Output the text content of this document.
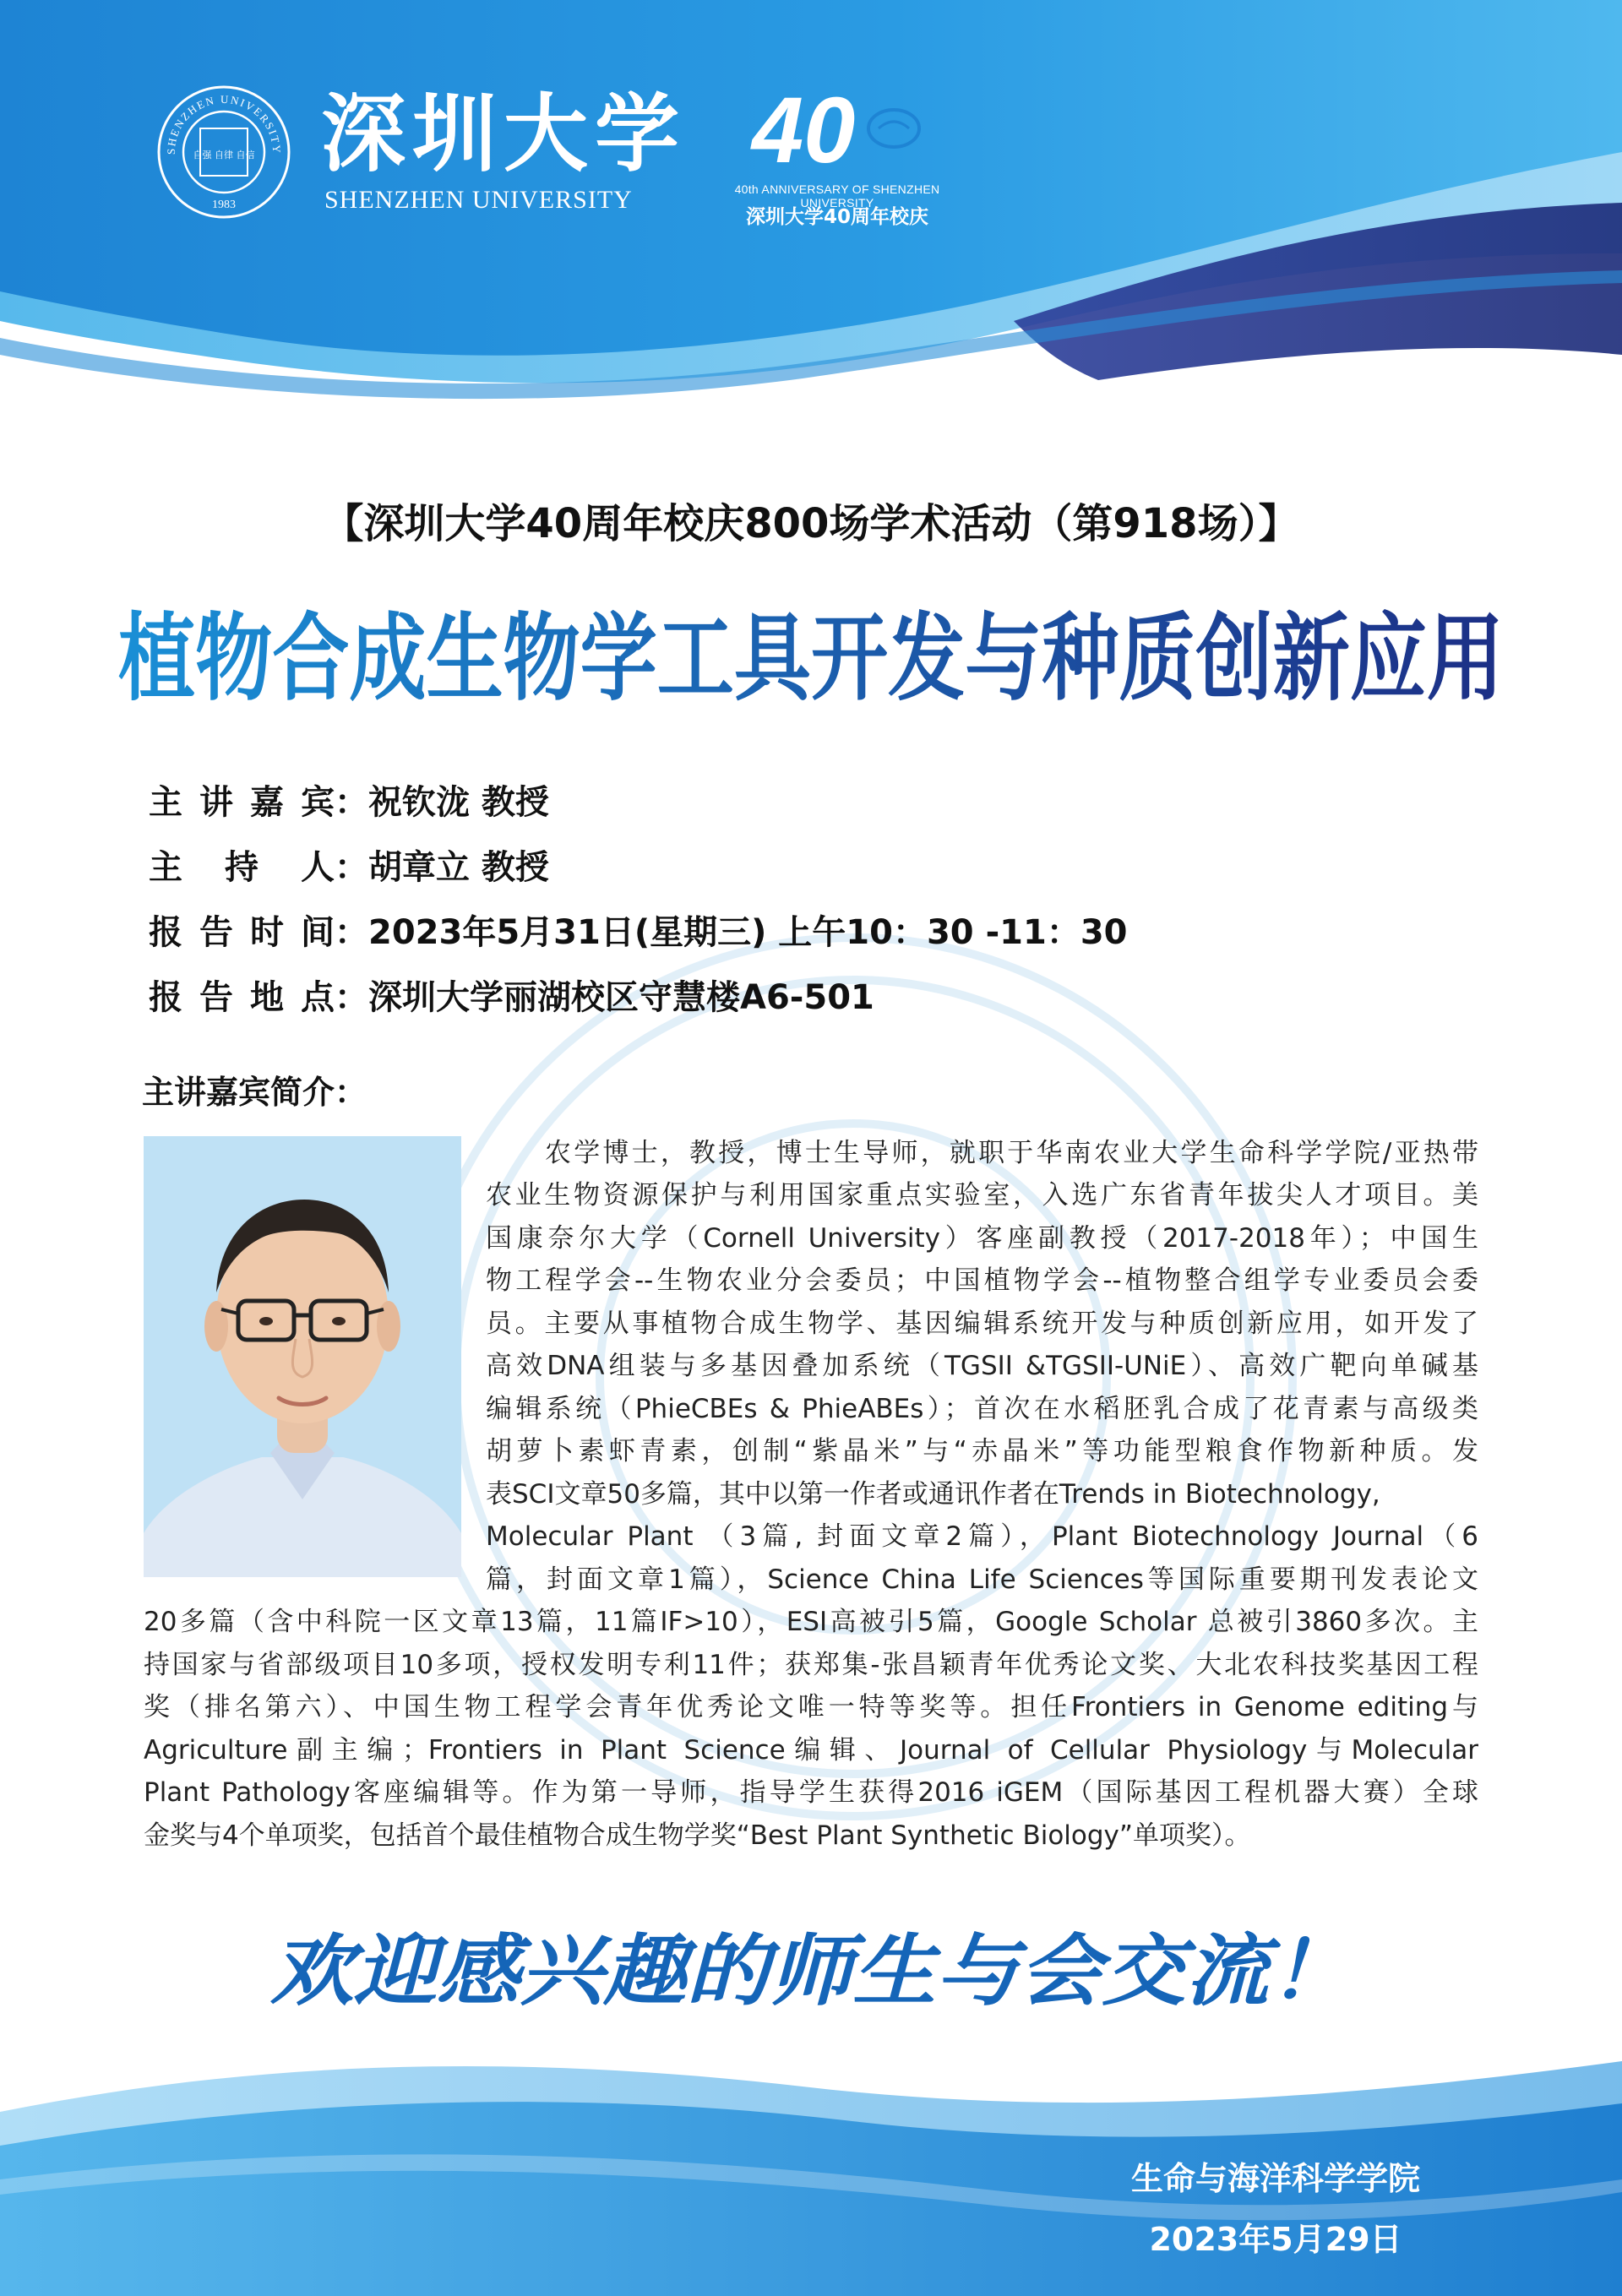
SHENZHEN UNIVERSITY
自强 自律 自信
1983
深圳大学

SHENZHEN UNIVERSITY

40

40th ANNIVERSARY OF SHENZHEN UNIVERSITY

深圳大学40周年校庆

【深圳大学40周年校庆800场学术活动（第918场）】

植物合成生物学工具开发与种质创新应用
主讲嘉宾 ： 祝钦泷 教授
主持人 ： 胡章立 教授
报告时间 ： 2023年5月31日(星期三) 上午10：30 -11：30
报告地点 ： 深圳大学丽湖校区守慧楼A6-501
主讲嘉宾简介：
农学博士，教授，博士生导师，就职于华南农业大学生命科学学院/亚热带
农业生物资源保护与利用国家重点实验室，入选广东省青年拔尖人才项目。美
国康奈尔大学（Cornell University）客座副教授（2017-2018年）；中国生
物工程学会--生物农业分会委员；中国植物学会--植物整合组学专业委员会委
员。主要从事植物合成生物学、基因编辑系统开发与种质创新应用，如开发了
高效DNA组装与多基因叠加系统（TGSII &TGSII-UNiE）、高效广靶向单碱基
编辑系统（PhieCBEs & PhieABEs）；首次在水稻胚乳合成了花青素与高级类
胡萝卜素虾青素，创制“紫晶米”与“赤晶米”等功能型粮食作物新种质。发
表SCI文章50多篇，其中以第一作者或通讯作者在Trends in Biotechnology,
Molecular Plant （3篇, 封面文章2篇），Plant Biotechnology Journal（6
篇，封面文章1篇），Science China Life Sciences等国际重要期刊发表论文
20多篇（含中科院一区文章13篇，11篇IF>10），ESI高被引5篇，Google Scholar 总被引3860多次。主
持国家与省部级项目10多项，授权发明专利11件；获郑集-张昌颖青年优秀论文奖、大北农科技奖基因工程
奖（排名第六）、中国生物工程学会青年优秀论文唯一特等奖等。担任Frontiers in Genome editing与
Agriculture副主编；Frontiers in Plant Science编辑、Journal of Cellular Physiology与Molecular
Plant Pathology客座编辑等。作为第一导师，指导学生获得2016 iGEM（国际基因工程机器大赛）全球
金奖与4个单项奖，包括首个最佳植物合成生物学奖“Best Plant Synthetic Biology”单项奖）。
欢迎感兴趣的师生与会交流！

生命与海洋科学学院

2023年5月29日
